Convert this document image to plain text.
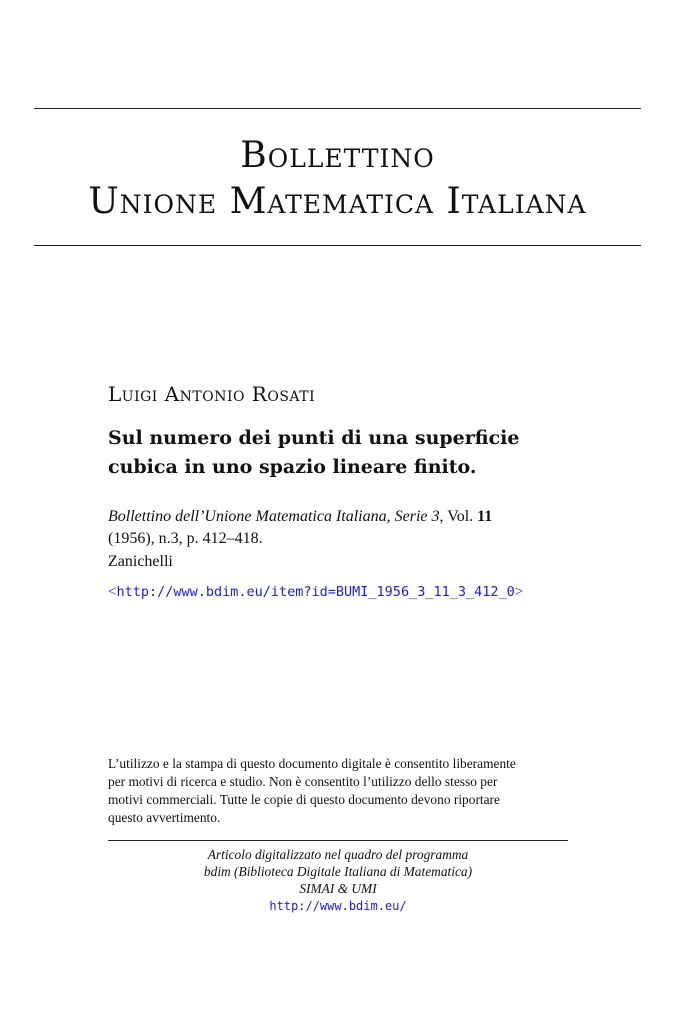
Bollettino
Unione Matematica Italiana
Luigi Antonio Rosati
Sul numero dei punti di una superficie
cubica in uno spazio lineare finito.
Bollettino dell’Unione Matematica Italiana, Serie 3, Vol. 11
(1956), n.3, p. 412–418.
Zanichelli
<http://www.bdim.eu/item?id=BUMI_1956_3_11_3_412_0>
L’utilizzo e la stampa di questo documento digitale è consentito liberamente
per motivi di ricerca e studio. Non è consentito l’utilizzo dello stesso per
motivi commerciali. Tutte le copie di questo documento devono riportare
questo avvertimento.
Articolo digitalizzato nel quadro del programma
bdim (Biblioteca Digitale Italiana di Matematica)
SIMAI & UMI
http://www.bdim.eu/
